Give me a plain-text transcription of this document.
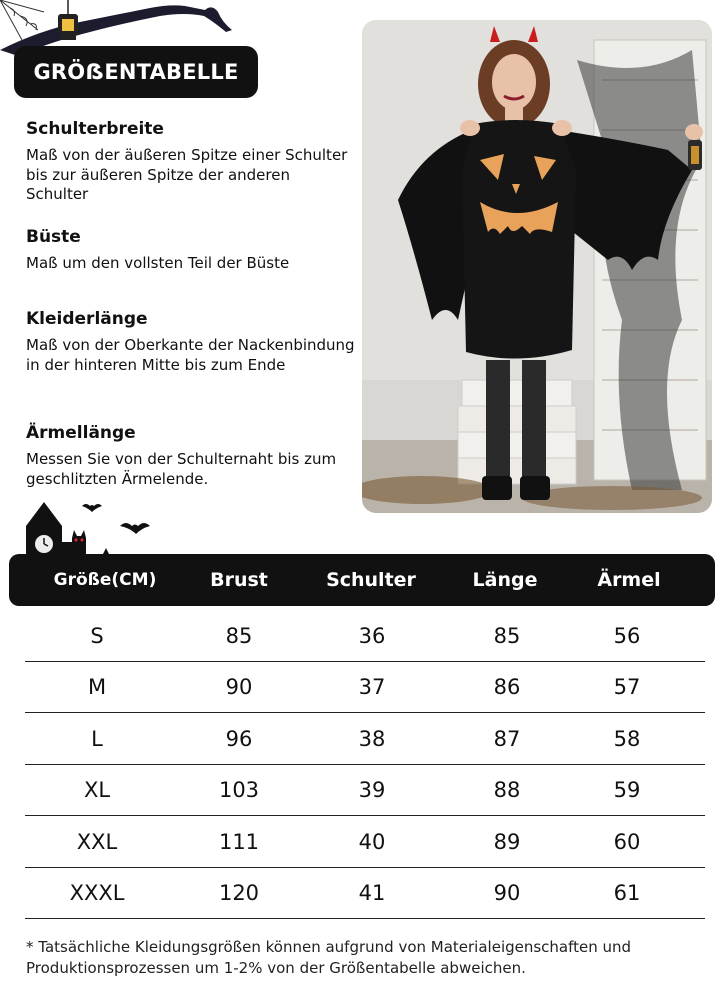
GRÖẞENTABELLE
Schulterbreite

Maß von der äußeren Spitze einer Schulter bis zur äußeren Spitze der anderen Schulter

Büste

Maß um den vollsten Teil der Büste

Kleiderlänge

Maß von der Oberkante der Nackenbindung in der hinteren Mitte bis zum Ende

Ärmellänge

Messen Sie von der Schulternaht bis zum geschlitzten Ärmelende.

Größe(CM)	Brust	Schulter	Länge	Ärmel
S	85	36	85	56
M	90	37	86	57
L	96	38	87	58
XL	103	39	88	59
XXL	111	40	89	60
XXXL	120	41	90	61
* Tatsächliche Kleidungsgrößen können aufgrund von Materialeigenschaften und Produktionsprozessen um 1-2% von der Größentabelle abweichen.
